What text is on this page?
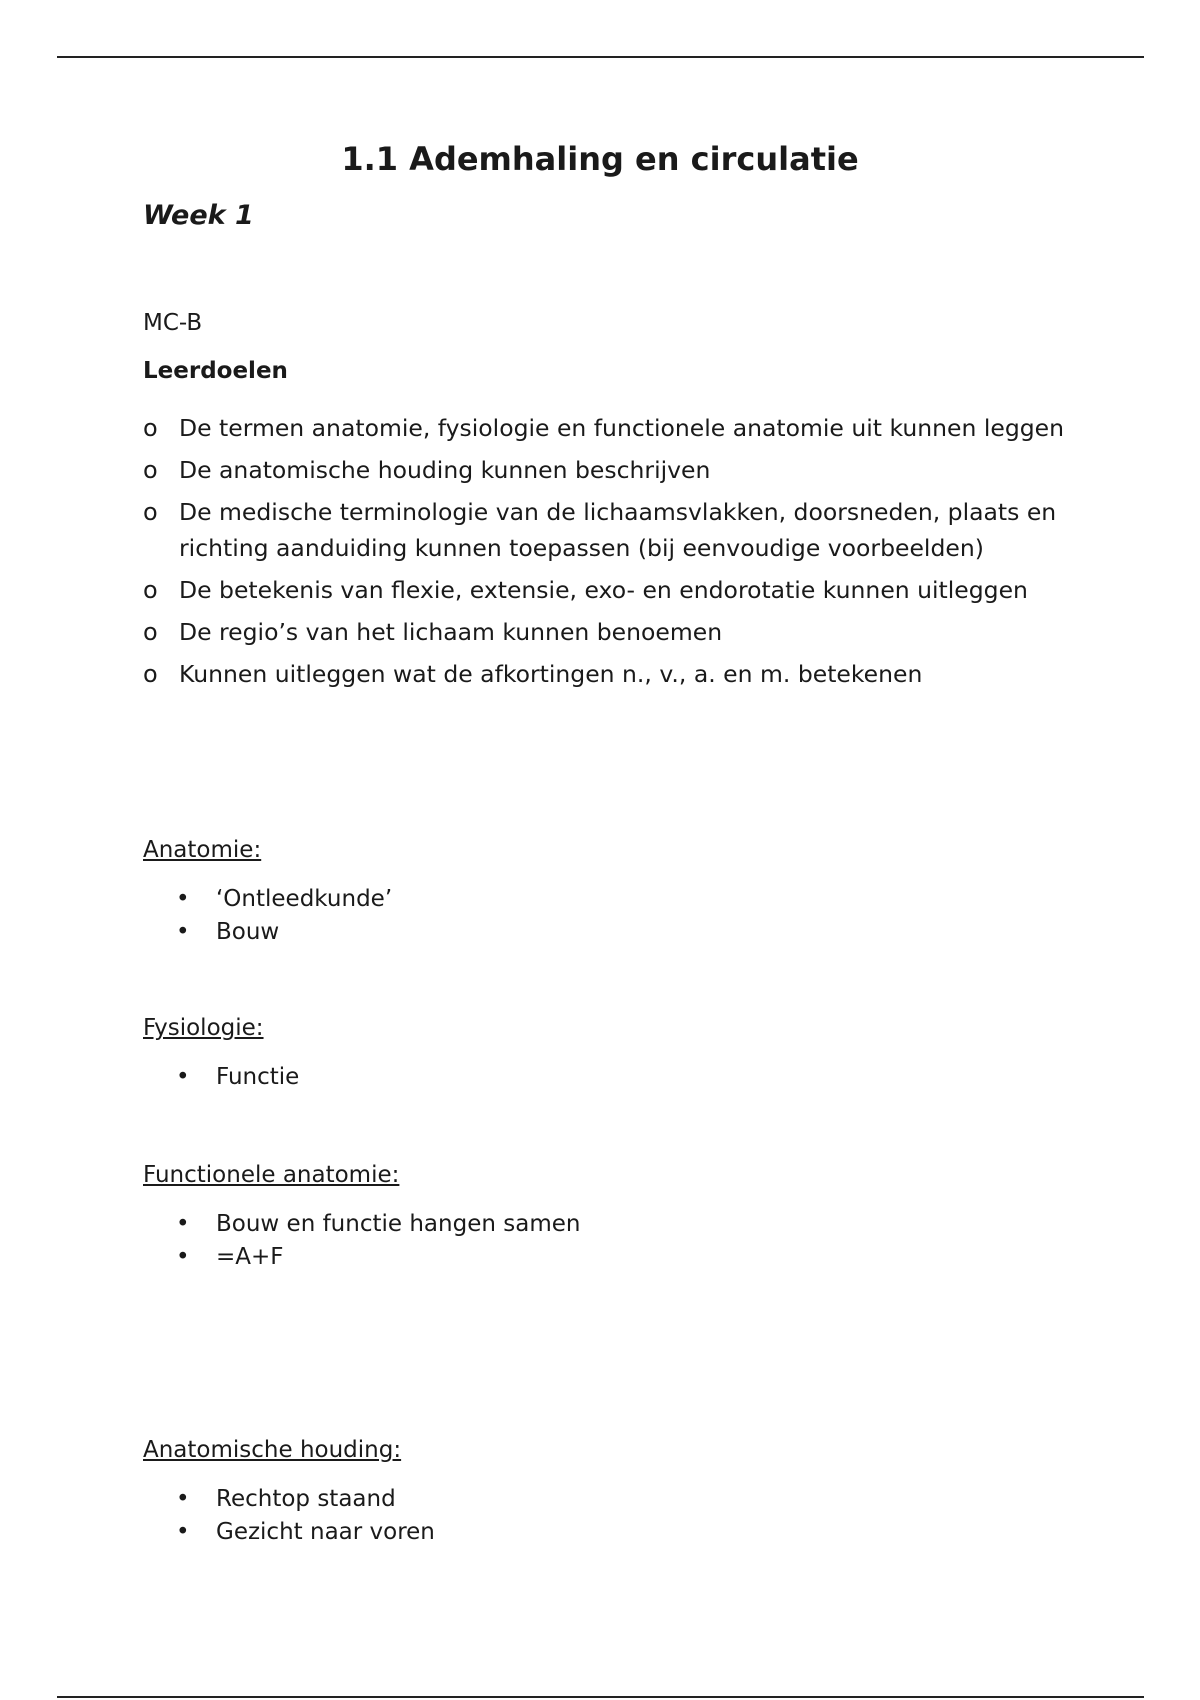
1.1 Ademhaling en circulatie
Week 1

MC-B

Leerdoelen

o De termen anatomie, fysiologie en functionele anatomie uit kunnen leggen
o De anatomische houding kunnen beschrijven
o De medische terminologie van de lichaamsvlakken, doorsneden, plaats en richting aanduiding kunnen toepassen (bij eenvoudige voorbeelden)
o De betekenis van flexie, extensie, exo- en endorotatie kunnen uitleggen
o De regio’s van het lichaam kunnen benoemen
o Kunnen uitleggen wat de afkortingen n., v., a. en m. betekenen

Anatomie:

• ‘Ontleedkunde’
• Bouw

Fysiologie:

• Functie

Functionele anatomie:

• Bouw en functie hangen samen
• =A+F

Anatomische houding:

• Rechtop staand
• Gezicht naar voren
